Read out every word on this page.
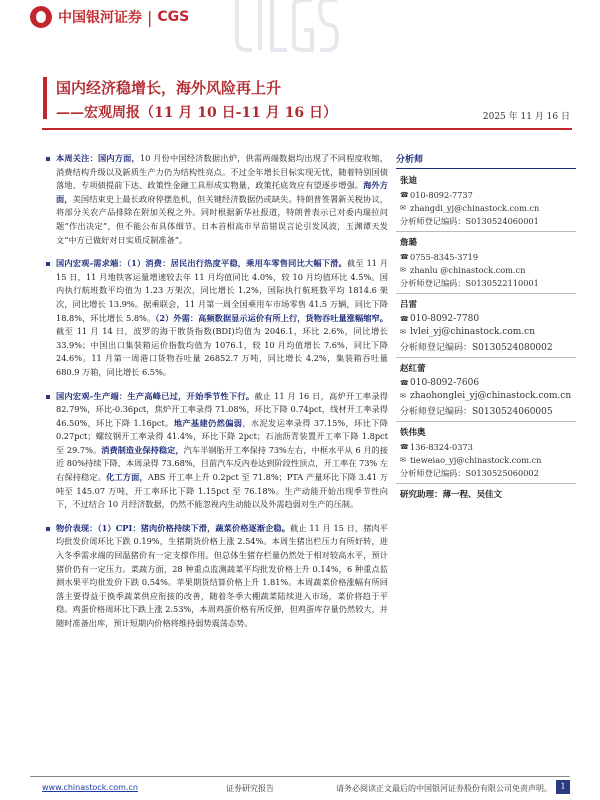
中国银河证券 | CGS
国内经济稳增长，海外风险再上升
——宏观周报（11 月 10 日-11 月 16 日）	2025 年 11 月 16 日
本周关注：国内方面，10 月份中国经济数据出炉，供需两端数据均出现了不同程度收缩，消费结构升级以及新质生产力仍为结构性亮点。不过全年增长目标实现无忧，随着特别国债落地、专项债提前下达、政策性金融工具形成实物量，政策托底效应有望逐步增强。海外方面，美国结束史上最长政府停摆危机，但关键经济数据仍或缺失。特朗普签署新关税协议，将部分关农产品排除在附加关税之外。同时根据新华社报道，特朗普表示已对委内瑞拉问题“作出决定”，但不能公布具体细节。日本首相高市早苗错误言论引发风波，玉渊谭天发文“中方已做好对日实质反制准备”。
国内宏观-需求端：（1）消费：居民出行热度平稳，乘用车零售同比大幅下滑。截至 11 月 15 日，11 月地铁客运量增速较去年 11 月均值同比 4.0%，较 10 月均值环比 4.5%。国内执行航班数平均值为 1.23 万架次，同比增长 1.2%，国际执行航班数平均 1814.6 架次，同比增长 13.9%。据乘联会，11 月第一周全国乘用车市场零售 41.5 万辆，同比下降 18.8%，环比增长 5.8%。（2）外需：高频数据显示运价有所上行，货物吞吐量涨幅缩窄。截至 11 月 14 日，波罗的海干散货指数(BDI)均值为 2046.1，环比 2.6%，同比增长 33.9%；中国出口集装箱运价指数均值为 1076.1，较 10 月均值增长 7.6%，同比下降 24.6%。11 月第一周港口货物吞吐量 26852.7 万吨，同比增长 4.2%，集装箱吞吐量 680.9 万箱，同比增长 6.5%。
国内宏观-生产端：生产高峰已过，开始季节性下行。截止 11 月 16 日，高炉开工率录得 82.79%，环比-0.36pct，焦炉开工率录得 71.08%，环比下降 0.74pct，线材开工率录得 46.50%，环比下降 1.16pct。地产基建仍然偏弱，水泥发运率录得 37.15%，环比下降 0.27pct；螺纹钢开工率录得 41.4%，环比下降 2pct；石油沥青装置开工率下降 1.8pct 至 29.7%。消费制造业保持稳定，汽车半钢胎开工率保持 73%左右，中框水平从 6 月的接近 80%持续下降，本周录得 73.68%，目前汽车反内卷达到阶段性顶点，开工率在 73% 左右保持稳定。化工方面，ABS 开工率上升 0.2pct 至 71.8%；PTA 产量环比下降 3.41 万吨至 145.07 万吨，开工率环比下降 1.15pct 至 76.18%。生产动能开始出现季节性向下，不过结合 10 月经济数据，仍然不能忽视内生动能以及外需趋弱对生产的压制。
物价表现：（1）CPI：猪肉价格持续下滑，蔬菜价格逐渐企稳。截止 11 月 15 日，猪肉平均批发价周环比下跌 0.19%，生猪期货价格上涨 2.54%。本周生猪出栏压力有所好转，进入冬季需求端的回温猪价有一定支撑作用。但总体生猪存栏量仍然处于相对较高水平，预计猪价仍有一定压力。菜蔬方面，28 种重点监测蔬菜平均批发价格上升 0.14%，6 种重点监测水果平均批发价下跌 0.54%。苹果期货结算价格上升 1.81%。本周蔬菜价格涨幅有所回落主要得益于换季蔬菜供应衔接的改善，随着冬季大棚蔬菜陆续进入市场，菜价将趋于平稳。鸡蛋价格周环比下跌上涨 2.53%，本周鸡蛋价格有所反弹，但鸡蛋库存量仍然较大，并随时准备出库，预计短期内价格将维持弱势震荡态势。
分析师
张迪
☎ 010-8092-7737
✉ zhangdi_yj@chinastock.com.cn
分析师登记编码：S0130524060001
詹璐
☎ 0755-8345-3719
✉ zhanlu @chinastock.com.cn
分析师登记编码：S0130522110001
吕雷
☎ 010-8092-7780
✉ lvlei_yj@chinastock.com.cn
分析师登记编码：S0130524080002
赵红蕾
☎ 010-8092-7606
✉ zhaohonglei_yj@chinastock.com.cn
分析师登记编码：S0130524060005
铁伟奥
☎ 136-8324-0373
✉ tieweiao_yj@chinastock.com.cn
分析师登记编码：S0130525060002
研究助理：薄一程、吴佳文
www.chinastock.com.cn	证券研究报告	请务必阅读正文最后的中国银河证券股份有限公司免责声明。	1
